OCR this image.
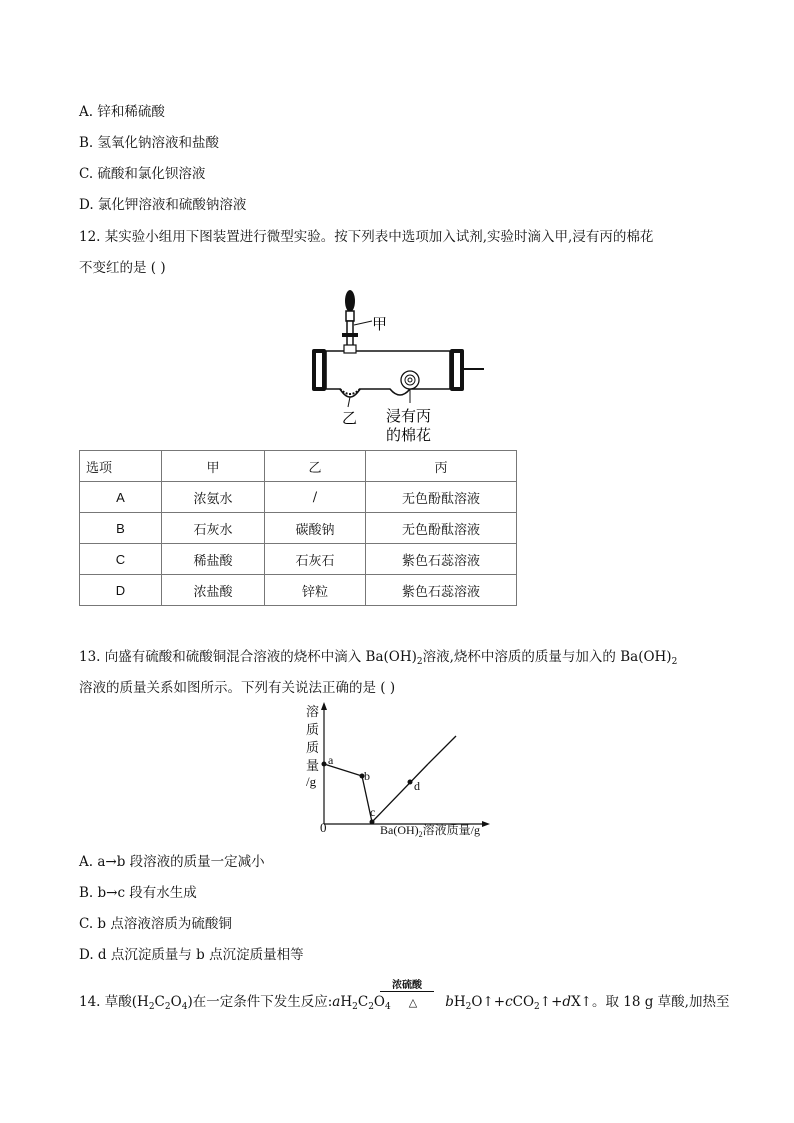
A. 锌和稀硫酸
B. 氢氧化钠溶液和盐酸
C. 硫酸和氯化钡溶液
D. 氯化钾溶液和硫酸钠溶液
12. 某实验小组用下图装置进行微型实验。按下列表中选项加入试剂,实验时滴入甲,浸有丙的棉花
不变红的是 ( )
甲
乙 浸有丙
的棉花
选项	甲	乙	丙
A	浓氨水	/	无色酚酞溶液
B	石灰水	碳酸钠	无色酚酞溶液
C	稀盐酸	石灰石	紫色石蕊溶液
D	浓盐酸	锌粒	紫色石蕊溶液
13. 向盛有硫酸和硫酸铜混合溶液的烧杯中滴入 $Ba(OH)_2$溶液,烧杯中溶质的质量与加入的 $Ba(OH)_2$
溶液的质量关系如图所示。下列有关说法正确的是 ( )
溶
质
质
量
/g
0	$Ba(OH)_2$溶液质量/g
a
b
c
d
A. a→b 段溶液的质量一定减小
B. b→c 段有水生成
C. b 点溶液溶质为硫酸铜
D. d 点沉淀质量与 b 点沉淀质量相等
浓硫酸
14. 草酸$(H_2C_2O_4)$在一定条件下发生反应$:aH_2C_2O_4$ △ $bH_2O↑+cCO_2↑+dX↑$。取 18 g 草酸,加热至
